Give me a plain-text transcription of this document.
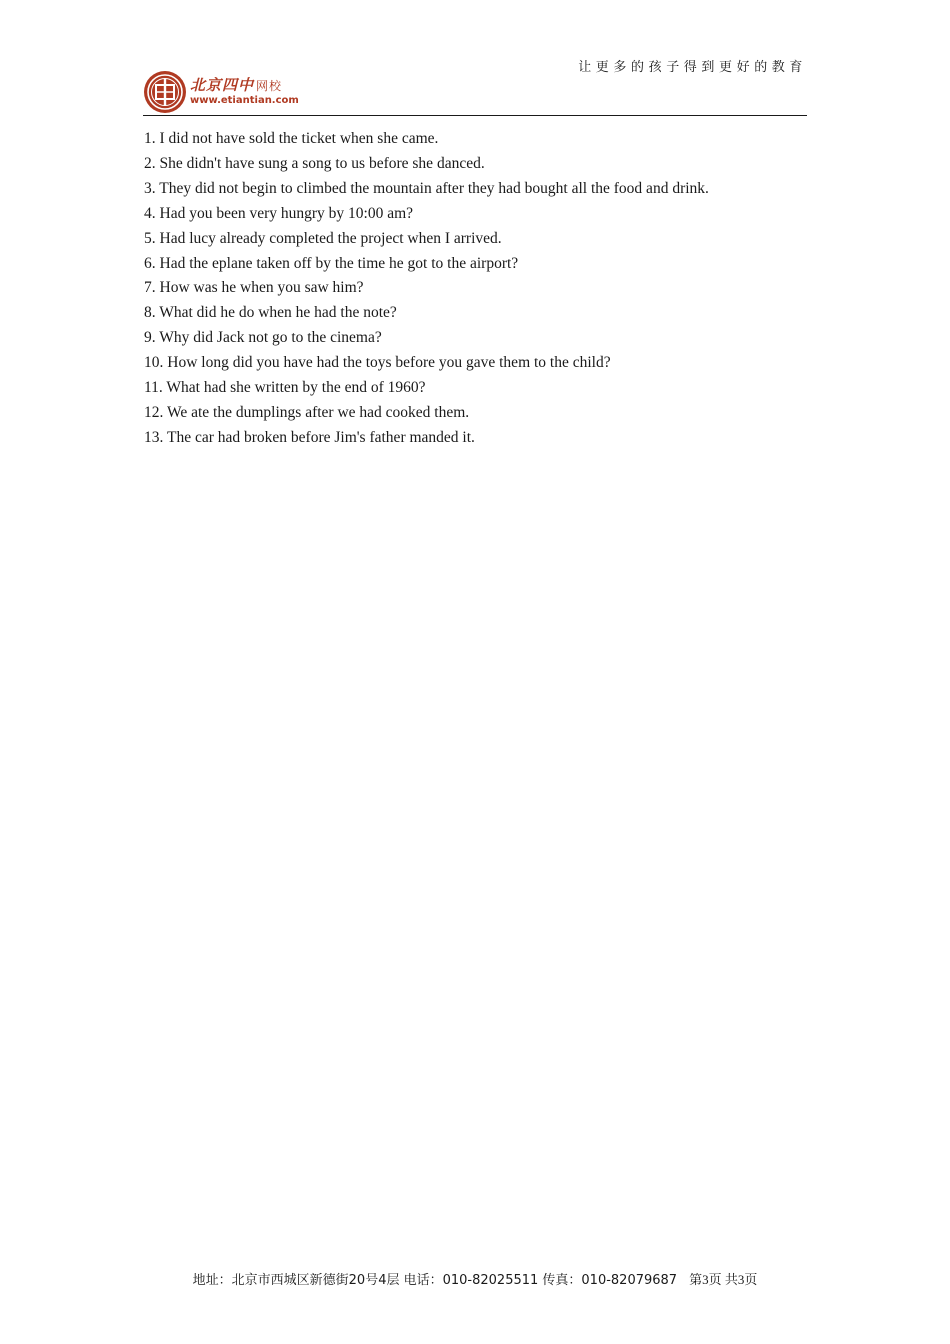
让更多的孩子得到更好的教育
北京四中 网校
www.etiantian.com
1. I did not have sold the ticket when she came.
2. She didn't have sung a song to us before she danced.
3. They did not begin to climbed the mountain after they had bought all the food and drink.
4. Had you been very hungry by 10:00 am?
5. Had lucy already completed the project when I arrived.
6. Had the eplane taken off by the time he got to the airport?
7. How was he when you saw him?
8. What did he do when he had the note?
9. Why did Jack not go to the cinema?
10. How long did you have had the toys before you gave them to the child?
11. What had she written by the end of 1960?
12. We ate the dumplings after we had cooked them.
13. The car had broken before Jim's father manded it.
地址：北京市西城区新德街20号4层 电话：010-82025511 传真：010-82079687 第3页 共3页
